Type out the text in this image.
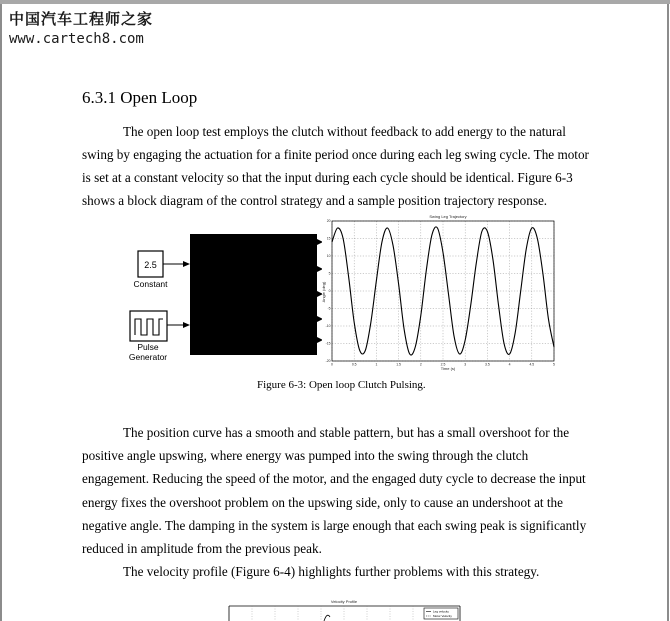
中国汽车工程师之家
www.cartech8.com
6.3.1 Open Loop
The open loop test employs the clutch without feedback to add energy to the natural
swing by engaging the actuation for a finite period once during each leg swing cycle. The motor
is set at a constant velocity so that the input during each cycle should be identical. Figure 6-3
shows a block diagram of the control strategy and a sample position trajectory response.
2.5
Constant
Pulse
Generator
Swing Leg Trajectory
Angle (deg)
Time (s)
20
15
10
5
0
-5
-10
-15
-20
0	0.5	1	1.5	2	2.5	3	3.5	4	4.5	5
Figure 6-3: Open loop Clutch Pulsing.
The position curve has a smooth and stable pattern, but has a small overshoot for the
positive angle upswing, where energy was pumped into the swing through the clutch
engagement. Reducing the speed of the motor, and the engaged duty cycle to decrease the input
energy fixes the overshoot problem on the upswing side, only to cause an undershoot at the
negative angle. The damping in the system is large enough that each swing peak is significantly
reduced in amplitude from the previous peak.
The velocity profile (Figure 6-4) highlights further problems with this strategy.
Velocity Profile
Leg velocity
Motor Velocity
